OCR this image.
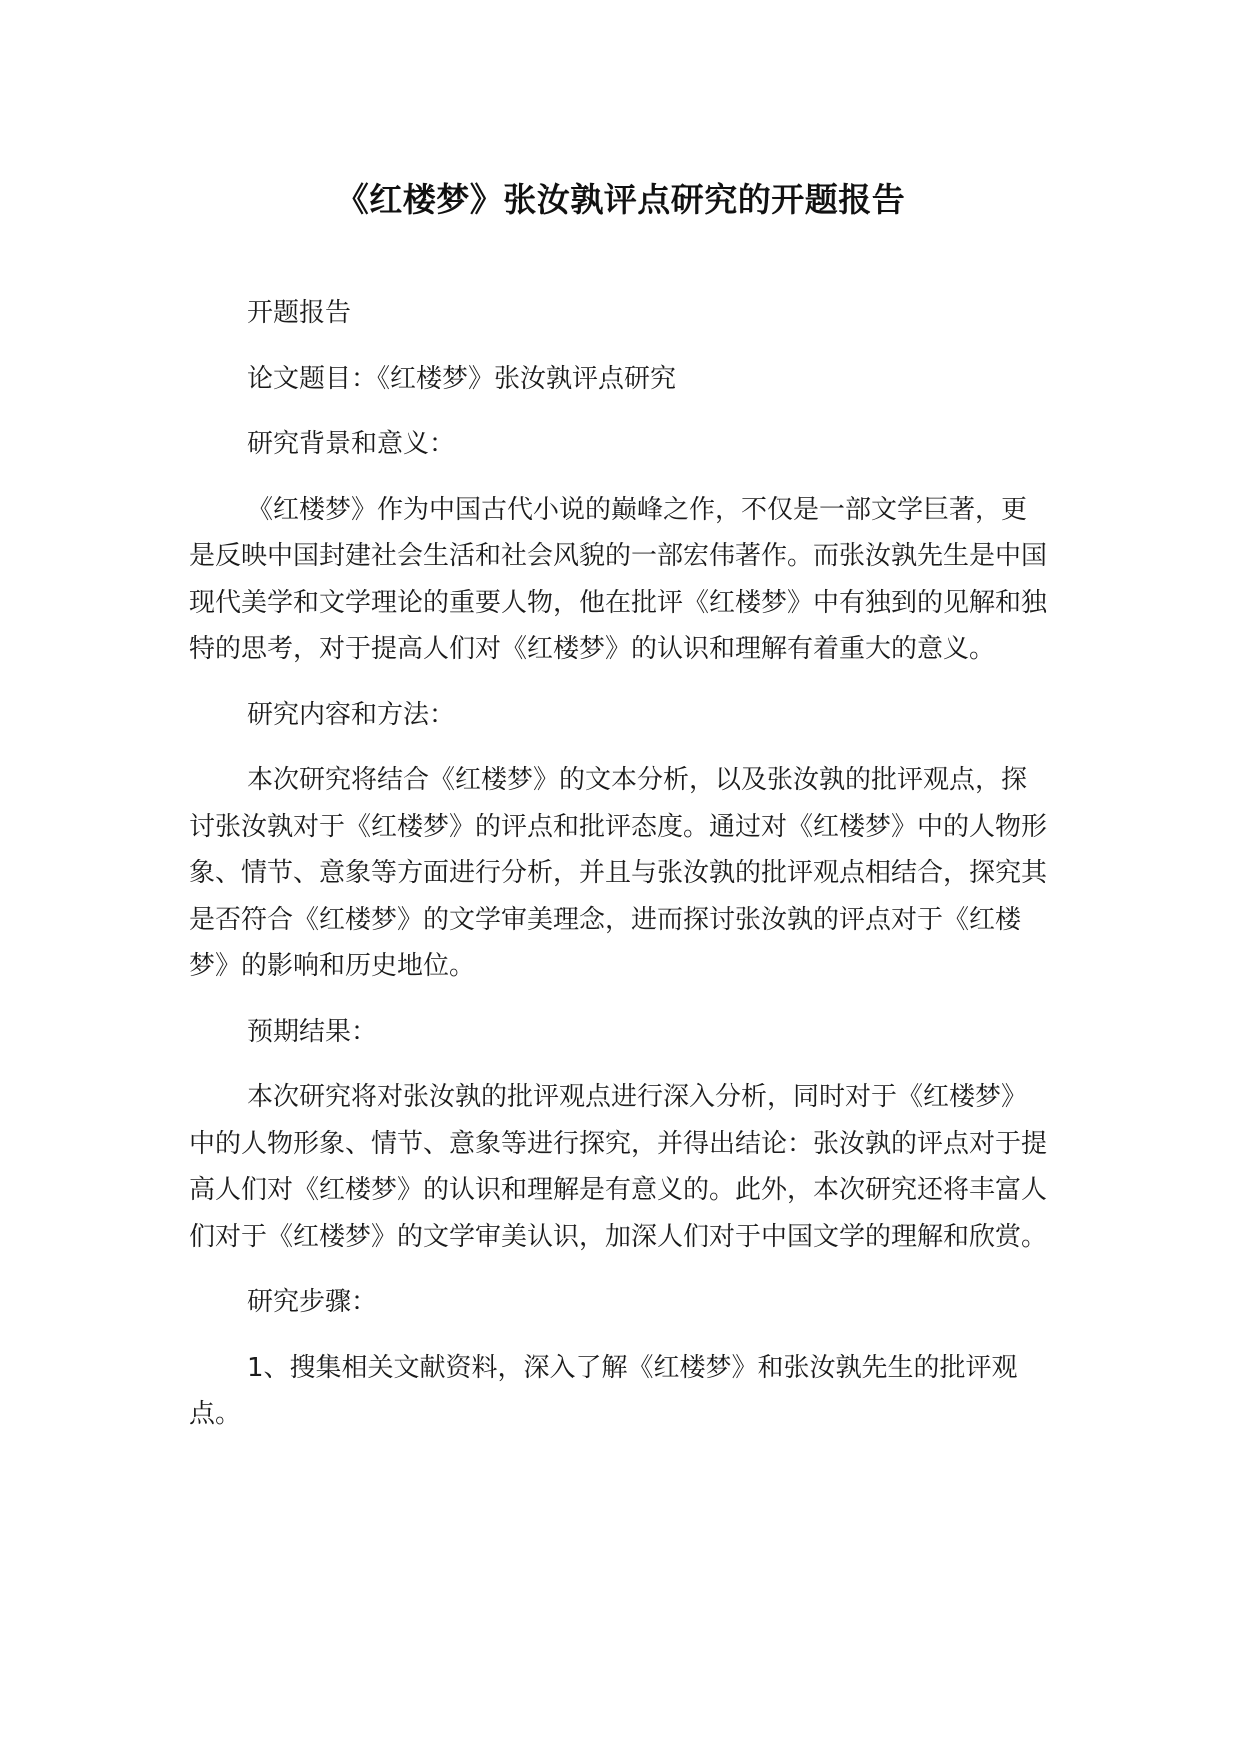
《红楼梦》张汝孰评点研究的开题报告

开题报告

论文题目：《红楼梦》张汝孰评点研究

研究背景和意义：

《红楼梦》作为中国古代小说的巅峰之作，不仅是一部文学巨著，更是反映中国封建社会生活和社会风貌的一部宏伟著作。而张汝孰先生是中国现代美学和文学理论的重要人物，他在批评《红楼梦》中有独到的见解和独特的思考，对于提高人们对《红楼梦》的认识和理解有着重大的意义。

研究内容和方法：

本次研究将结合《红楼梦》的文本分析，以及张汝孰的批评观点，探讨张汝孰对于《红楼梦》的评点和批评态度。通过对《红楼梦》中的人物形象、情节、意象等方面进行分析，并且与张汝孰的批评观点相结合，探究其是否符合《红楼梦》的文学审美理念，进而探讨张汝孰的评点对于《红楼梦》的影响和历史地位。

预期结果：

本次研究将对张汝孰的批评观点进行深入分析，同时对于《红楼梦》中的人物形象、情节、意象等进行探究，并得出结论：张汝孰的评点对于提高人们对《红楼梦》的认识和理解是有意义的。此外，本次研究还将丰富人们对于《红楼梦》的文学审美认识，加深人们对于中国文学的理解和欣赏。

研究步骤：

1、搜集相关文献资料，深入了解《红楼梦》和张汝孰先生的批评观点。
